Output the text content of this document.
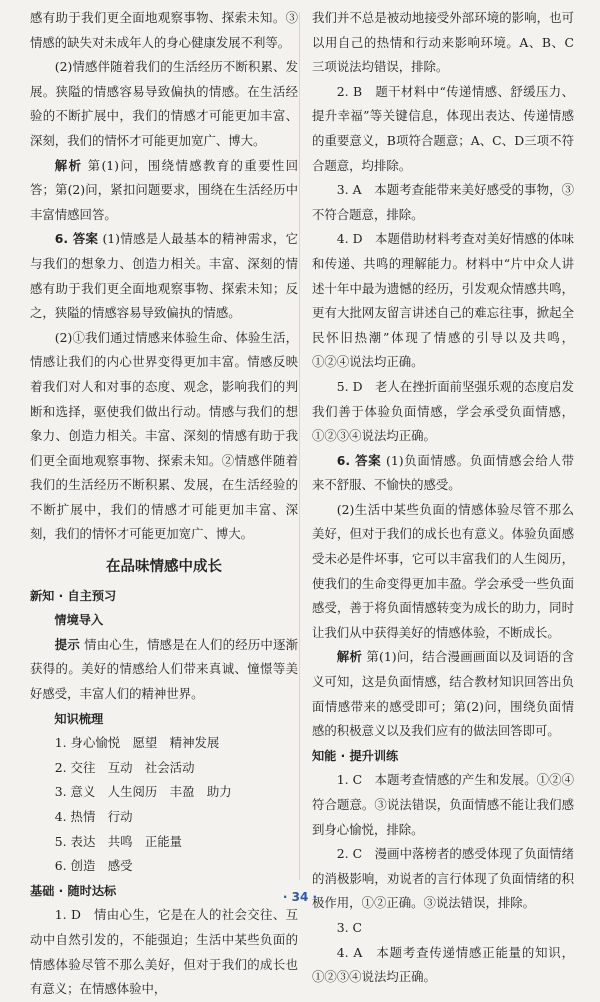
感有助于我们更全面地观察事物、探索未知。③情感的缺失对未成年人的身心健康发展不利等。

(2)情感伴随着我们的生活经历不断积累、发展。狭隘的情感容易导致偏执的情感。在生活经验的不断扩展中，我们的情感才可能更加丰富、深刻，我们的情怀才可能更加宽广、博大。

解析 第(1)问，围绕情感教育的重要性回答；第(2)问，紧扣问题要求，围绕在生活经历中丰富情感回答。

6. 答案 (1)情感是人最基本的精神需求，它与我们的想象力、创造力相关。丰富、深刻的情感有助于我们更全面地观察事物、探索未知；反之，狭隘的情感容易导致偏执的情感。

(2)①我们通过情感来体验生命、体验生活，情感让我们的内心世界变得更加丰富。情感反映着我们对人和对事的态度、观念，影响我们的判断和选择，驱使我们做出行动。情感与我们的想象力、创造力相关。丰富、深刻的情感有助于我们更全面地观察事物、探索未知。②情感伴随着我们的生活经历不断积累、发展，在生活经验的不断扩展中，我们的情感才可能更加丰富、深刻，我们的情怀才可能更加宽广、博大。

在品味情感中成长
新知 · 自主预习
情境导入

提示 情由心生，情感是在人们的经历中逐渐获得的。美好的情感给人们带来真诚、憧憬等美好感受，丰富人们的精神世界。

知识梳理
1. 身心愉悦　愿望　精神发展
2. 交往　互动　社会活动
3. 意义　人生阅历　丰盈　助力
4. 热情　行动
5. 表达　共鸣　正能量
6. 创造　感受
基础 · 随时达标

1. D　情由心生，它是在人的社会交往、互动中自然引发的，不能强迫；生活中某些负面的情感体验尽管不那么美好，但对于我们的成长也有意义；在情感体验中，

我们并不总是被动地接受外部环境的影响，也可以用自己的热情和行动来影响环境。A、B、C三项说法均错误，排除。

2. B　题干材料中“传递情感、舒缓压力、提升幸福”等关键信息，体现出表达、传递情感的重要意义，B项符合题意；A、C、D三项不符合题意，均排除。

3. A　本题考查能带来美好感受的事物，③不符合题意，排除。

4. D　本题借助材料考查对美好情感的体味和传递、共鸣的理解能力。材料中“片中众人讲述十年中最为遗憾的经历，引发观众情感共鸣，更有大批网友留言讲述自己的难忘往事，掀起全民怀旧热潮”体现了情感的引导以及共鸣，①②④说法均正确。

5. D　老人在挫折面前坚强乐观的态度启发我们善于体验负面情感，学会承受负面情感，①②③④说法均正确。

6. 答案 (1)负面情感。负面情感会给人带来不舒服、不愉快的感受。

(2)生活中某些负面的情感体验尽管不那么美好，但对于我们的成长也有意义。体验负面感受未必是件坏事，它可以丰富我们的人生阅历，使我们的生命变得更加丰盈。学会承受一些负面感受，善于将负面情感转变为成长的助力，同时让我们从中获得美好的情感体验，不断成长。

解析 第(1)问，结合漫画画面以及词语的含义可知，这是负面情感，结合教材知识回答出负面情感带来的感受即可；第(2)问，围绕负面情感的积极意义以及我们应有的做法回答即可。

知能 · 提升训练

1. C　本题考查情感的产生和发展。①②④符合题意。③说法错误，负面情感不能让我们感到身心愉悦，排除。

2. C　漫画中落榜者的感受体现了负面情绪的消极影响，劝说者的言行体现了负面情绪的积极作用，①②正确。③说法错误，排除。

3. C

4. A　本题考查传递情感正能量的知识，①②③④说法均正确。

· 34 ·
